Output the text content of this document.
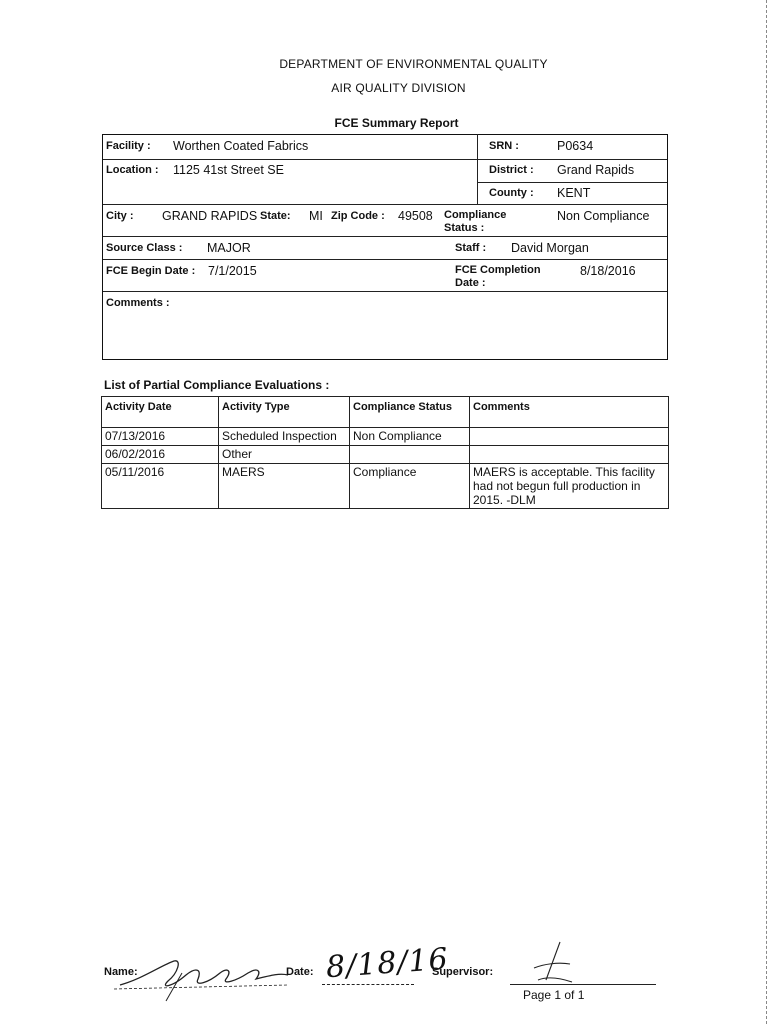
DEPARTMENT OF ENVIRONMENTAL QUALITY
AIR QUALITY DIVISION
FCE Summary Report
Facility : Worthen Coated Fabrics	SRN :	P0634
Location : 1125 41st Street SE	District : Grand Rapids
County : KENT
City : GRAND RAPIDS State: MI Zip Code : 49508 Compliance
Status :
Non Compliance
Source Class : MAJOR	Staff : David Morgan
FCE Begin Date : 7/1/2015	FCE Completion
Date :
8/18/2016
Comments :
List of Partial Compliance Evaluations :
Activity Date	Activity Type	Compliance Status	Comments
07/13/2016	Scheduled Inspection	Non Compliance	
06/02/2016	Other		
05/11/2016	MAERS	Compliance	MAERS is acceptable. This facility had not begun full production in 2015. -DLM
Name:	Date: 8/18/16
Supervisor:
Page 1 of 1
